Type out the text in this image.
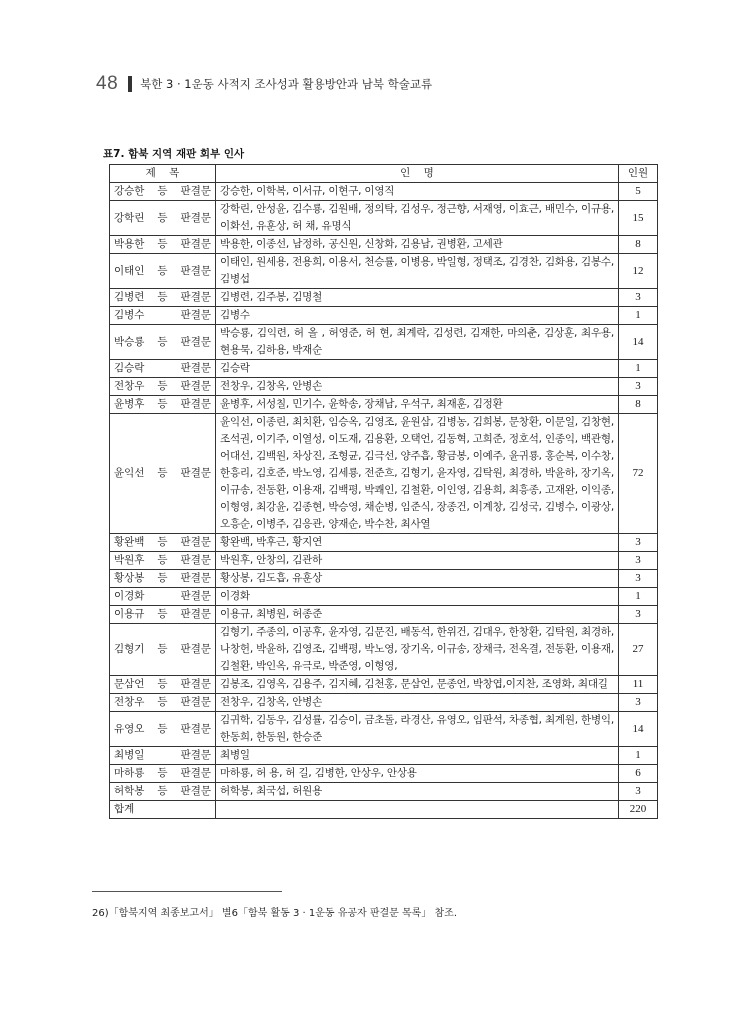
48 북한 3 · 1운동 사적지 조사성과 활용방안과 남북 학술교류
표7. 함북 지역 재판 회부 인사
제    목	인    명	인원
강승한 등 판결문	강승한, 이학복, 이서규, 이현구, 이영직	5
강학린 등 판결문	강학린, 안성윤, 김수룡, 김원배, 정의탁, 김성우, 정근향, 서재영, 이효근, 배민수, 이규용, 이화선, 유훈상, 허 채, 유명식	15
박용한 등 판결문	박용한, 이종선, 남정하, 공신원, 신창화, 김용남, 권병환, 고세관	8
이태인 등 판결문	이태인, 원세용, 전용희, 이용서, 천승률, 이병용, 박일형, 정택조, 김경찬, 김화용, 김봉수, 김병섭	12
김병련 등 판결문	김병련, 김주봉, 김명철	3
김병수 판결문	김병수	1
박승룡 등 판결문	박승룡, 김익련, 허 올 , 허영준, 허 현, 최계락, 김성련, 김재한, 마의춘, 김상훈, 최우용, 현용묵, 김하용, 박재순	14
김승락 판결문	김승락	1
전창우 등 판결문	전창우, 김창옥, 안병손	3
윤병후 등 판결문	윤병후, 서성칠, 민기수, 윤학송, 장채남, 우석구, 최재훈, 김정환	8
윤익선 등 판결문	윤익선, 이종린, 최치환, 임승옥, 김영조, 윤원삼, 김병농, 김희봉, 문창환, 이문일, 김창현, 조석권, 이기주, 이열성, 이도재, 김용환, 오택언, 김동혁, 고희준, 정호석, 인종익, 백관형, 어대선, 김백원, 차상진, 조형균, 김극선, 양주흡, 황금봉, 이예주, 윤귀룡, 홍순복, 이수창, 한흥리, 김호준, 박노영, 김세룡, 전준흐, 김형기, 윤자영, 김탁원, 최경하, 박윤하, 장기옥, 이규송, 전동환, 이용재, 김백평, 박쾌인, 김철환, 이인영, 김용희, 최흥종, 고재완, 이익종, 이형영, 최강윤, 김종현, 박승영, 채순병, 임준식, 장종건, 이계창, 김성국, 김병수, 이광상, 오흥순, 이병주, 김응관, 양재순, 박수찬, 최사열	72
황완백 등 판결문	황완백, 박후근, 황지연	3
박원후 등 판결문	박원후, 안창의, 김관하	3
황상봉 등 판결문	황상봉, 김도흡, 유훈상	3
이경화 판결문	이경화	1
이용규 등 판결문	이용규, 최병원, 허종준	3
김형기 등 판결문	김형기, 주종의, 이공후, 윤자영, 김문진, 배동석, 한위건, 김대우, 한창환, 김탁원, 최경하, 나창헌, 박윤하, 김영조, 김백평, 박노영, 장기옥, 이규송, 장채극, 전옥결, 전동환, 이용재, 김철환, 박인옥, 유극로, 박준영, 이형영,	27
문삼언 등 판결문	김봉조, 김영옥, 김용주, 김지혜, 김천홍, 문삼언, 문종언, 박창엽,이지찬, 조영화, 최대길	11
전창우 등 판결문	전창우, 김창옥, 안병손	3
유영오 등 판결문	김귀학, 김동우, 김성률, 김승이, 금초돌, 라경산, 유영오, 임판석, 차종협, 최계원, 한병익, 한동희, 한동원, 한승준	14
최병일 판결문	최병일	1
마하룡 등 판결문	마하룡, 허 용, 허 길, 김병한, 안상우, 안상용	6
허학봉 등 판결문	허학봉, 최국섭, 허원용	3
합계		220
26)「함북지역 최종보고서」 별6「함북 활동 3 · 1운동 유공자 판결문 목록」 참조.
